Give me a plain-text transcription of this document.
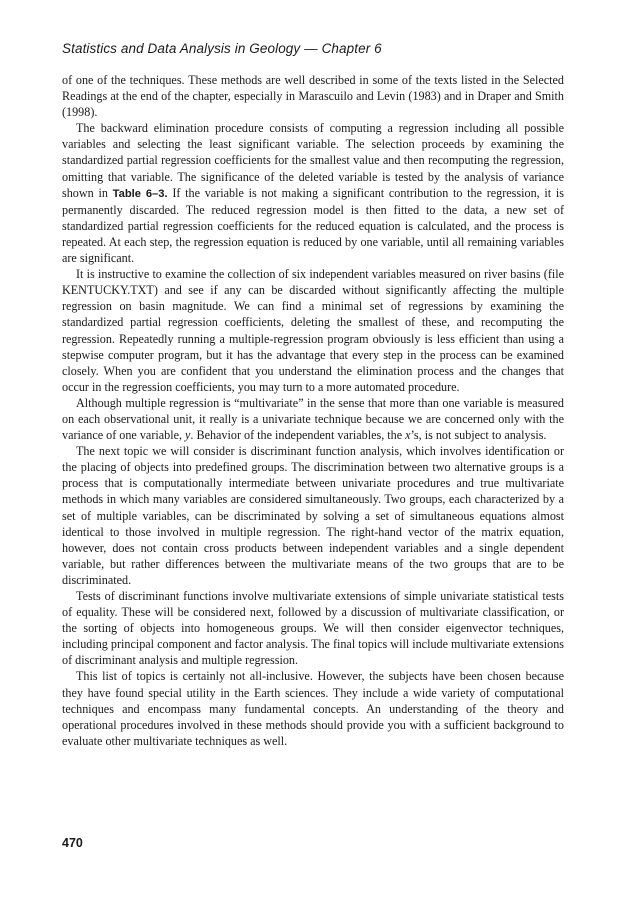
Statistics and Data Analysis in Geology — Chapter 6

of one of the techniques. These methods are well described in some of the texts listed in the Selected Readings at the end of the chapter, especially in Marascuilo and Levin (1983) and in Draper and Smith (1998).

The backward elimination procedure consists of computing a regression including all possible variables and selecting the least significant variable. The selection proceeds by examining the standardized partial regression coefficients for the smallest value and then recomputing the regression, omitting that variable. The significance of the deleted variable is tested by the analysis of variance shown in Table 6–3. If the variable is not making a significant contribution to the regression, it is permanently discarded. The reduced regression model is then fitted to the data, a new set of standardized partial regression coefficients for the reduced equation is calculated, and the process is repeated. At each step, the regression equation is reduced by one variable, until all remaining variables are significant.

It is instructive to examine the collection of six independent variables measured on river basins (file KENTUCKY.TXT) and see if any can be discarded without significantly affecting the multiple regression on basin magnitude. We can find a minimal set of regressions by examining the standardized partial regression coefficients, deleting the smallest of these, and recomputing the regression. Repeatedly running a multiple-regression program obviously is less efficient than using a stepwise computer program, but it has the advantage that every step in the process can be examined closely. When you are confident that you understand the elimination process and the changes that occur in the regression coefficients, you may turn to a more automated procedure.

Although multiple regression is “multivariate” in the sense that more than one variable is measured on each observational unit, it really is a univariate technique because we are concerned only with the variance of one variable, y. Behavior of the independent variables, the x’s, is not subject to analysis.

The next topic we will consider is discriminant function analysis, which involves identification or the placing of objects into predefined groups. The discrimination between two alternative groups is a process that is computationally intermediate between univariate procedures and true multivariate methods in which many variables are considered simultaneously. Two groups, each characterized by a set of multiple variables, can be discriminated by solving a set of simultaneous equations almost identical to those involved in multiple regression. The right-hand vector of the matrix equation, however, does not contain cross products between independent variables and a single dependent variable, but rather differences between the multivariate means of the two groups that are to be discriminated.

Tests of discriminant functions involve multivariate extensions of simple univariate statistical tests of equality. These will be considered next, followed by a discussion of multivariate classification, or the sorting of objects into homogeneous groups. We will then consider eigenvector techniques, including principal component and factor analysis. The final topics will include multivariate extensions of discriminant analysis and multiple regression.

This list of topics is certainly not all-inclusive. However, the subjects have been chosen because they have found special utility in the Earth sciences. They include a wide variety of computational techniques and encompass many fundamental concepts. An understanding of the theory and operational procedures involved in these methods should provide you with a sufficient background to evaluate other multivariate techniques as well.

470
